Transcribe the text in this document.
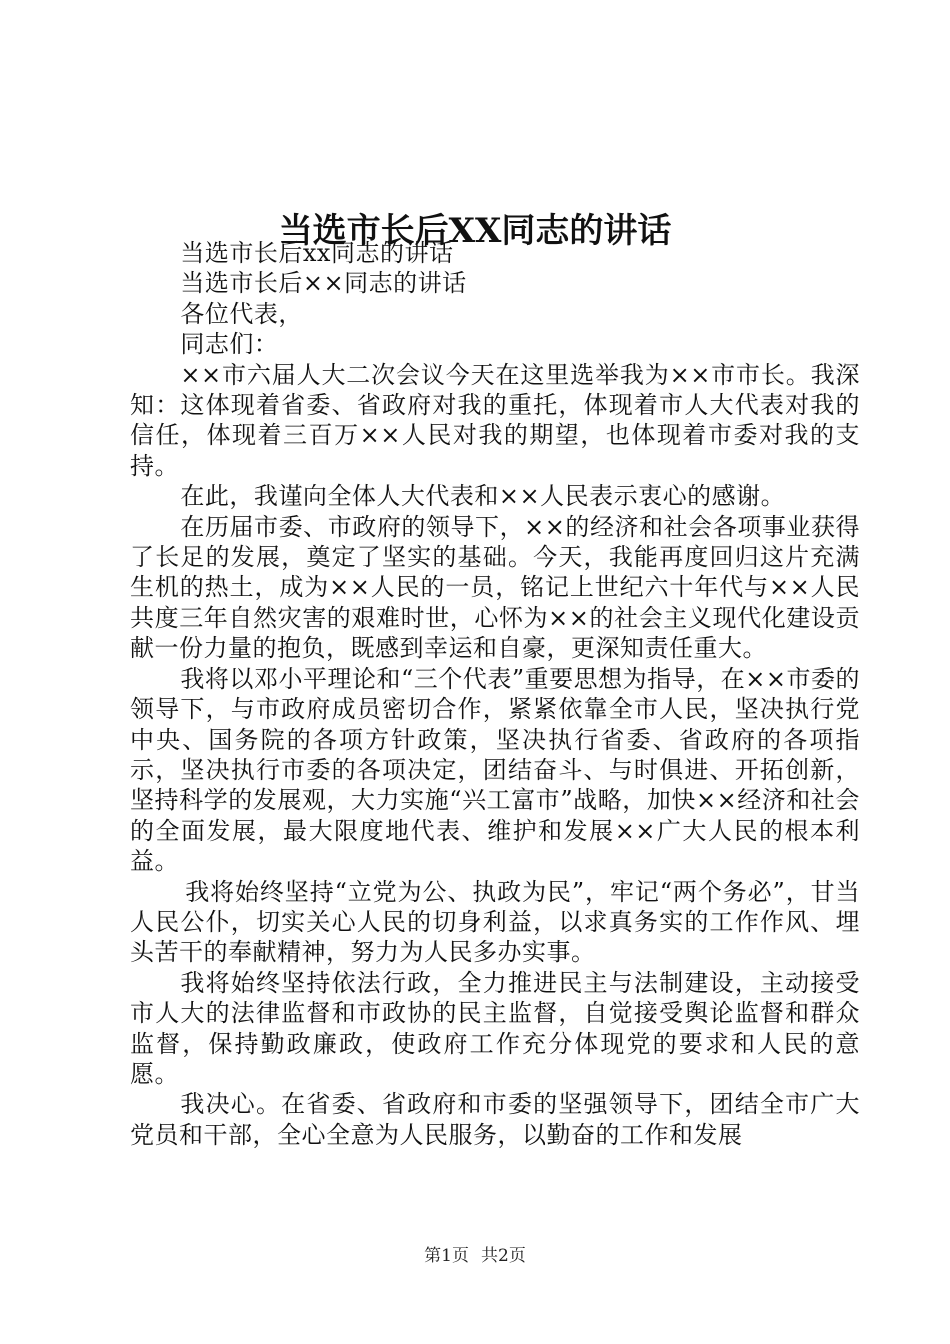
当选市长后XX同志的讲话

当选市长后xx同志的讲话

当选市长后××同志的讲话

各位代表，

同志们：

××市六届人大二次会议今天在这里选举我为××市市长。我深知：这体现着省委、省政府对我的重托，体现着市人大代表对我的信任，体现着三百万××人民对我的期望，也体现着市委对我的支持。

在此，我谨向全体人大代表和××人民表示衷心的感谢。

在历届市委、市政府的领导下，××的经济和社会各项事业获得了长足的发展，奠定了坚实的基础。今天，我能再度回归这片充满生机的热土，成为××人民的一员，铭记上世纪六十年代与××人民共度三年自然灾害的艰难时世，心怀为××的社会主义现代化建设贡献一份力量的抱负，既感到幸运和自豪，更深知责任重大。

我将以邓小平理论和“三个代表”重要思想为指导，在××市委的领导下，与市政府成员密切合作，紧紧依靠全市人民，坚决执行党中央、国务院的各项方针政策，坚决执行省委、省政府的各项指示，坚决执行市委的各项决定，团结奋斗、与时俱进、开拓创新，坚持科学的发展观，大力实施“兴工富市”战略，加快××经济和社会的全面发展，最大限度地代表、维护和发展××广大人民的根本利益。

我将始终坚持“立党为公、执政为民”，牢记“两个务必”，甘当人民公仆，切实关心人民的切身利益，以求真务实的工作作风、埋头苦干的奉献精神，努力为人民多办实事。

我将始终坚持依法行政，全力推进民主与法制建设，主动接受市人大的法律监督和市政协的民主监督，自觉接受舆论监督和群众监督，保持勤政廉政，使政府工作充分体现党的要求和人民的意愿。

我决心。在省委、省政府和市委的坚强领导下，团结全市广大党员和干部，全心全意为人民服务，以勤奋的工作和发展

第1页 共2页
